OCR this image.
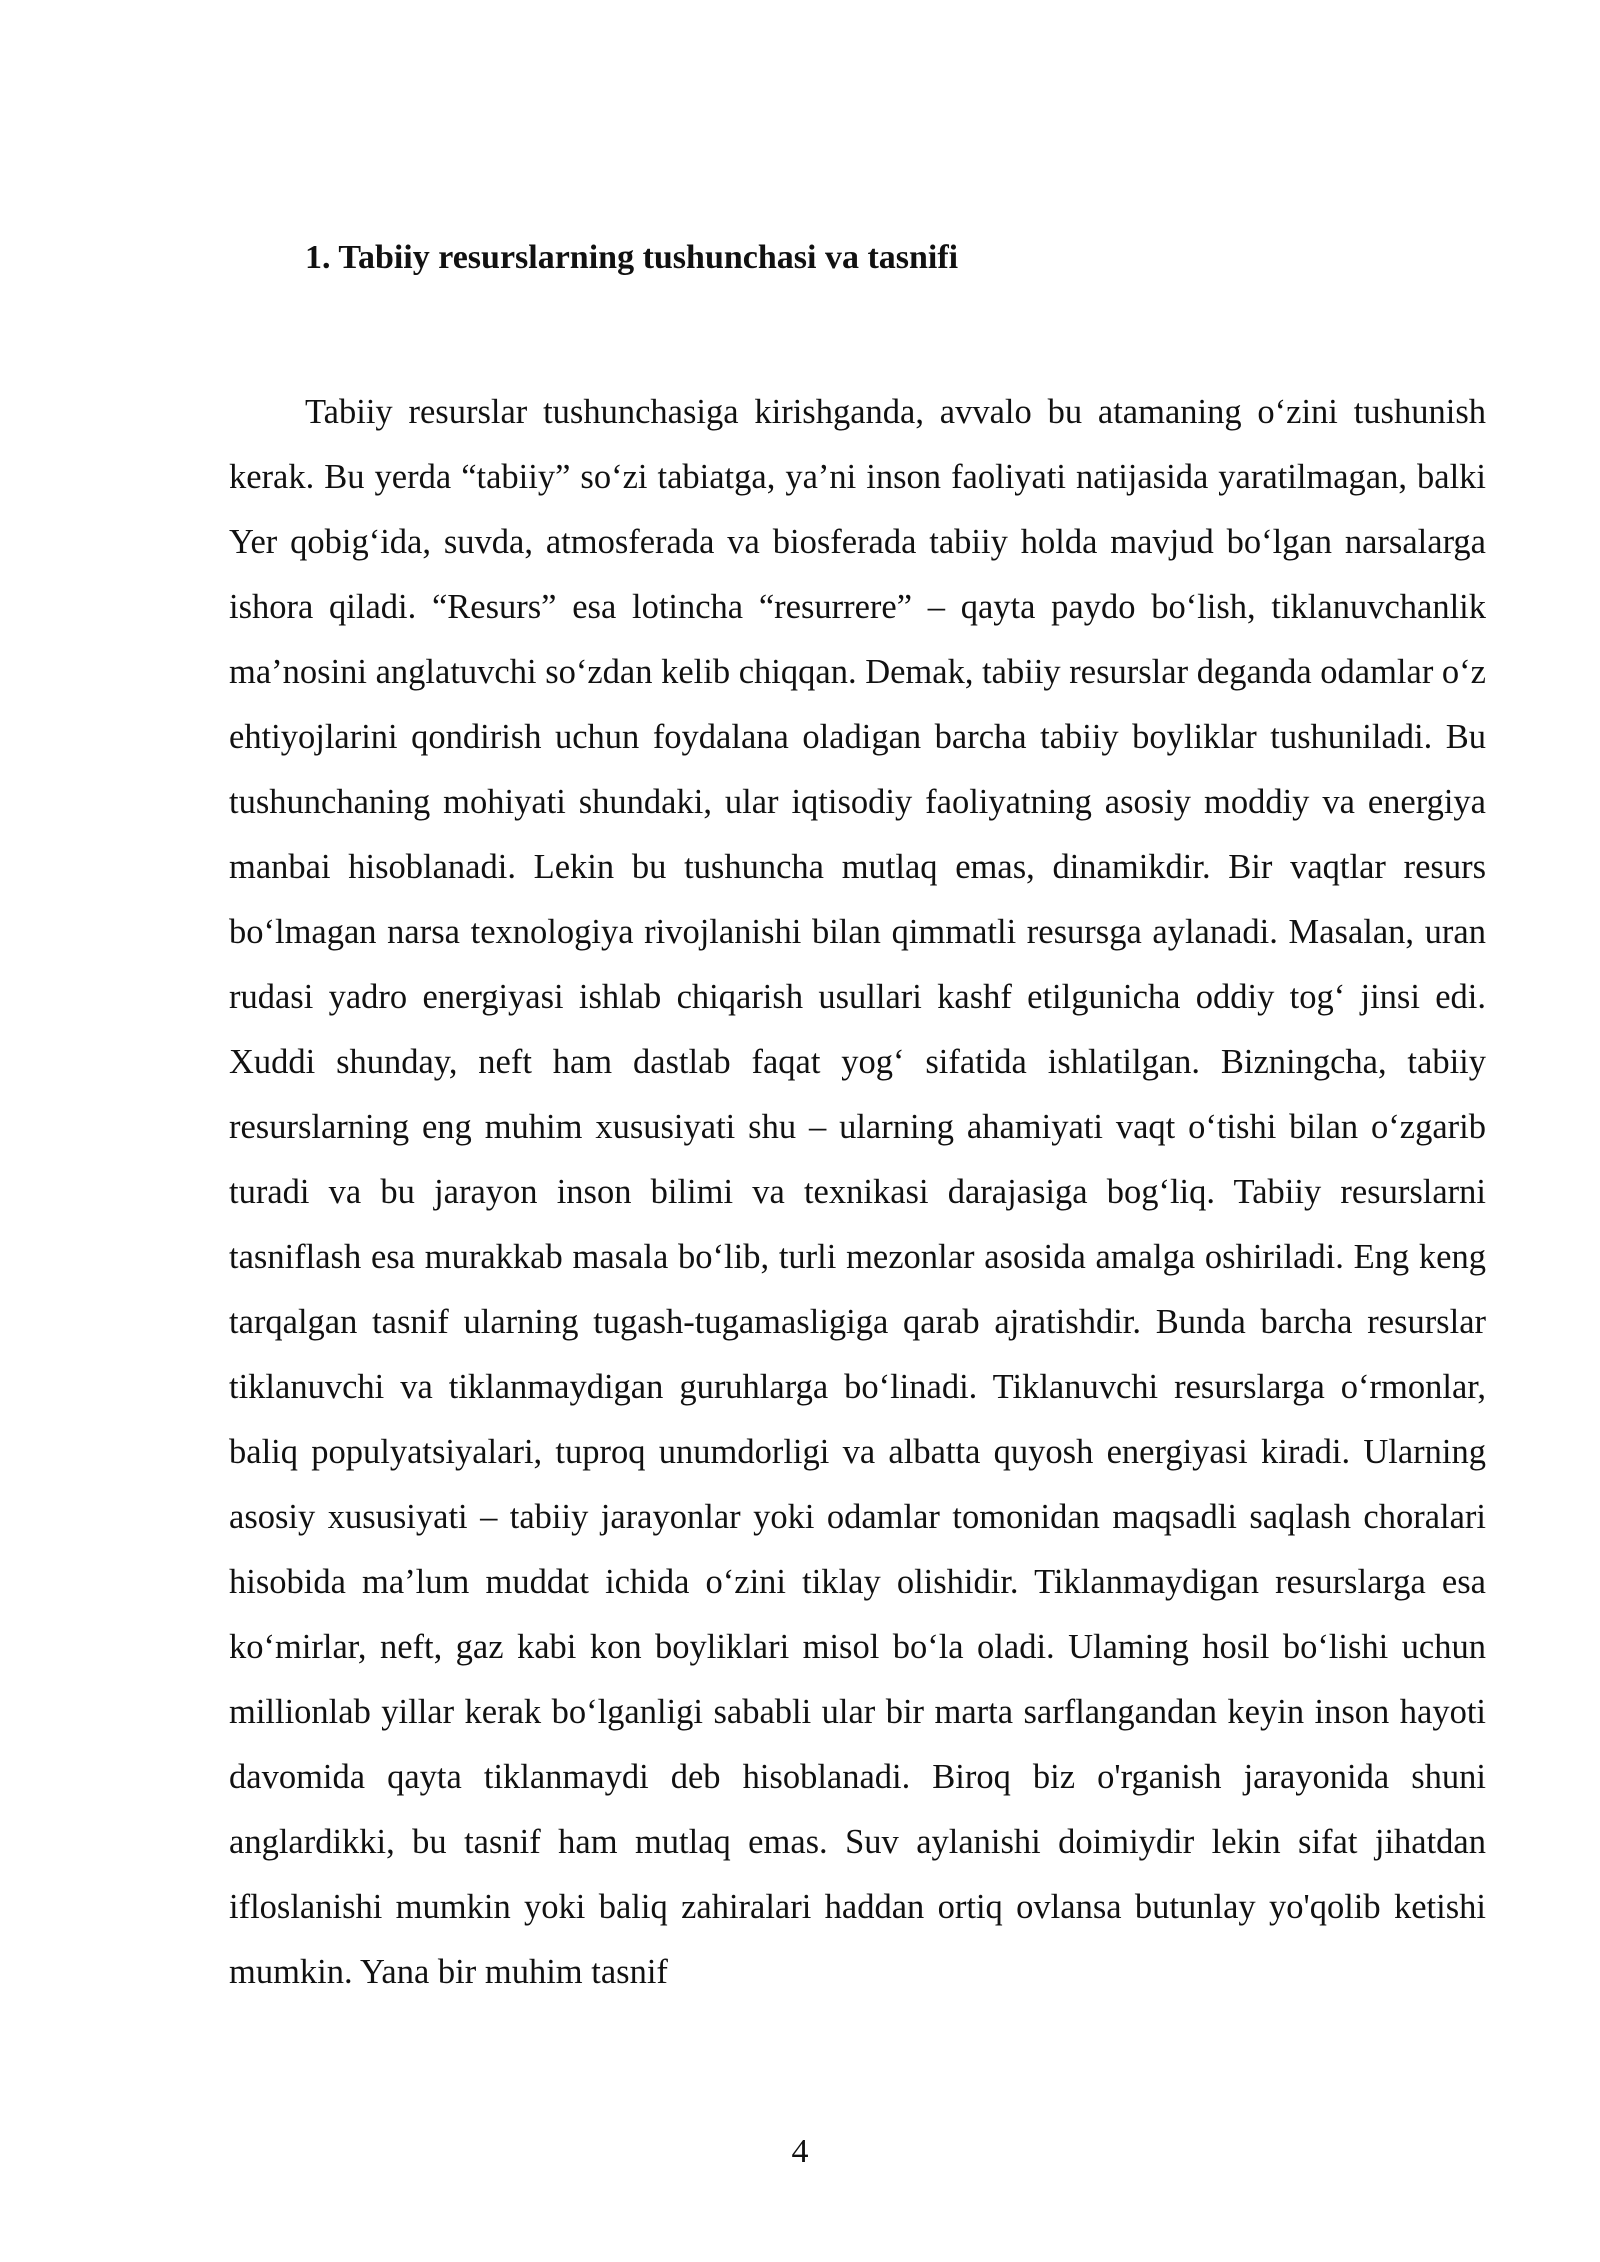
1. Tabiiy resurslarning tushunchasi va tasnifi

Tabiiy resurslar tushunchasiga kirishganda, avvalo bu atamaning o‘zini tushunish kerak. Bu yerda “tabiiy” so‘zi tabiatga, ya’ni inson faoliyati natijasida yaratilmagan, balki Yer qobig‘ida, suvda, atmosferada va biosferada tabiiy holda mavjud bo‘lgan narsalarga ishora qiladi. “Resurs” esa lotincha “resurrere” – qayta paydo bo‘lish, tiklanuvchanlik ma’nosini anglatuvchi so‘zdan kelib chiqqan. Demak, tabiiy resurslar deganda odamlar o‘z ehtiyojlarini qondirish uchun foydalana oladigan barcha tabiiy boyliklar tushuniladi. Bu tushunchaning mohiyati shundaki, ular iqtisodiy faoliyatning asosiy moddiy va energiya manbai hisoblanadi. Lekin bu tushuncha mutlaq emas, dinamikdir. Bir vaqtlar resurs bo‘lmagan narsa texnologiya rivojlanishi bilan qimmatli resursga aylanadi. Masalan, uran rudasi yadro energiyasi ishlab chiqarish usullari kashf etilgunicha oddiy tog‘ jinsi edi. Xuddi shunday, neft ham dastlab faqat yog‘ sifatida ishlatilgan. Bizningcha, tabiiy resurslarning eng muhim xususiyati shu – ularning ahamiyati vaqt o‘tishi bilan o‘zgarib turadi va bu jarayon inson bilimi va texnikasi darajasiga bog‘liq. Tabiiy resurslarni tasniflash esa murakkab masala bo‘lib, turli mezonlar asosida amalga oshiriladi. Eng keng tarqalgan tasnif ularning tugash-tugamasligiga qarab ajratishdir. Bunda barcha resurslar tiklanuvchi va tiklanmaydigan guruhlarga bo‘linadi. Tiklanuvchi resurslarga o‘rmonlar, baliq populyatsiyalari, tuproq unumdorligi va albatta quyosh energiyasi kiradi. Ularning asosiy xususiyati – tabiiy jarayonlar yoki odamlar tomonidan maqsadli saqlash choralari hisobida ma’lum muddat ichida o‘zini tiklay olishidir. Tiklanmaydigan resurslarga esa ko‘mirlar, neft, gaz kabi kon boyliklari misol bo‘la oladi. Ulaming hosil bo‘lishi uchun millionlab yillar kerak bo‘lganligi sababli ular bir marta sarflangandan keyin inson hayoti davomida qayta tiklanmaydi deb hisoblanadi. Biroq biz o'rganish jarayonida shuni anglardikki, bu tasnif ham mutlaq emas. Suv aylanishi doimiydir lekin sifat jihatdan ifloslanishi mumkin yoki baliq zahiralari haddan ortiq ovlansa butunlay yo'qolib ketishi mumkin. Yana bir muhim tasnif

4
